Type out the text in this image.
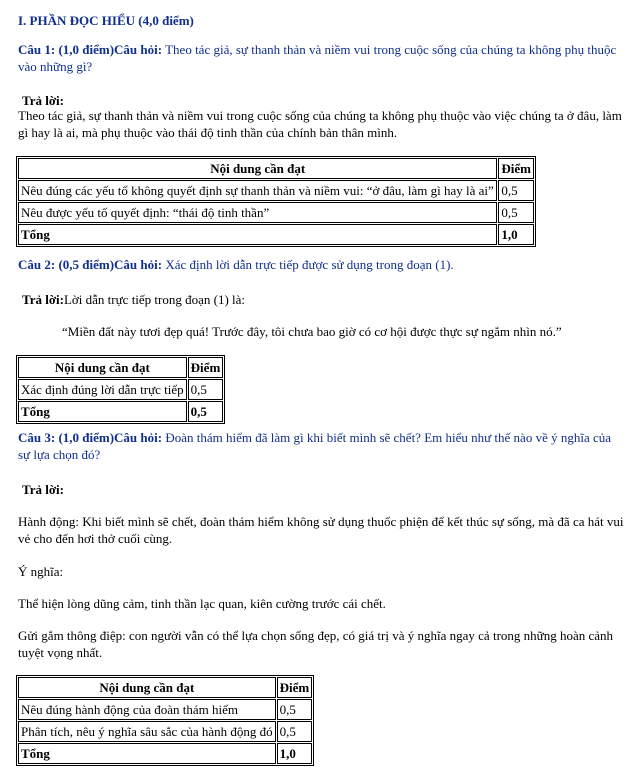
I. PHẦN ĐỌC HIỂU (4,0 điểm)
Câu 1: (1,0 điểm)Câu hỏi: Theo tác giả, sự thanh thản và niềm vui trong cuộc sống của chúng ta không phụ thuộc
vào những gì?
Trả lời:
Theo tác giả, sự thanh thản và niềm vui trong cuộc sống của chúng ta không phụ thuộc vào việc chúng ta ở đâu, làm
gì hay là ai, mà phụ thuộc vào thái độ tinh thần của chính bản thân mình.
Nội dung cần đạt	Điểm
Nêu đúng các yếu tố không quyết định sự thanh thản và niềm vui: “ở đâu, làm gì hay là ai”	0,5
Nêu được yếu tố quyết định: “thái độ tinh thần”	0,5
Tổng	1,0
Câu 2: (0,5 điểm)Câu hỏi: Xác định lời dẫn trực tiếp được sử dụng trong đoạn (1).
Trả lời:Lời dẫn trực tiếp trong đoạn (1) là:
“Miền đất này tươi đẹp quá! Trước đây, tôi chưa bao giờ có cơ hội được thực sự ngắm nhìn nó.”
Nội dung cần đạt	Điểm
Xác định đúng lời dẫn trực tiếp	0,5
Tổng	0,5
Câu 3: (1,0 điểm)Câu hỏi: Đoàn thám hiểm đã làm gì khi biết mình sẽ chết? Em hiểu như thế nào về ý nghĩa của
sự lựa chọn đó?
Trả lời:
Hành động: Khi biết mình sẽ chết, đoàn thám hiểm không sử dụng thuốc phiện để kết thúc sự sống, mà đã ca hát vui
vẻ cho đến hơi thở cuối cùng.
Ý nghĩa:
Thể hiện lòng dũng cảm, tinh thần lạc quan, kiên cường trước cái chết.
Gửi gắm thông điệp: con người vẫn có thể lựa chọn sống đẹp, có giá trị và ý nghĩa ngay cả trong những hoàn cảnh
tuyệt vọng nhất.
Nội dung cần đạt	Điểm
Nêu đúng hành động của đoàn thám hiểm	0,5
Phân tích, nêu ý nghĩa sâu sắc của hành động đó	0,5
Tổng	1,0
